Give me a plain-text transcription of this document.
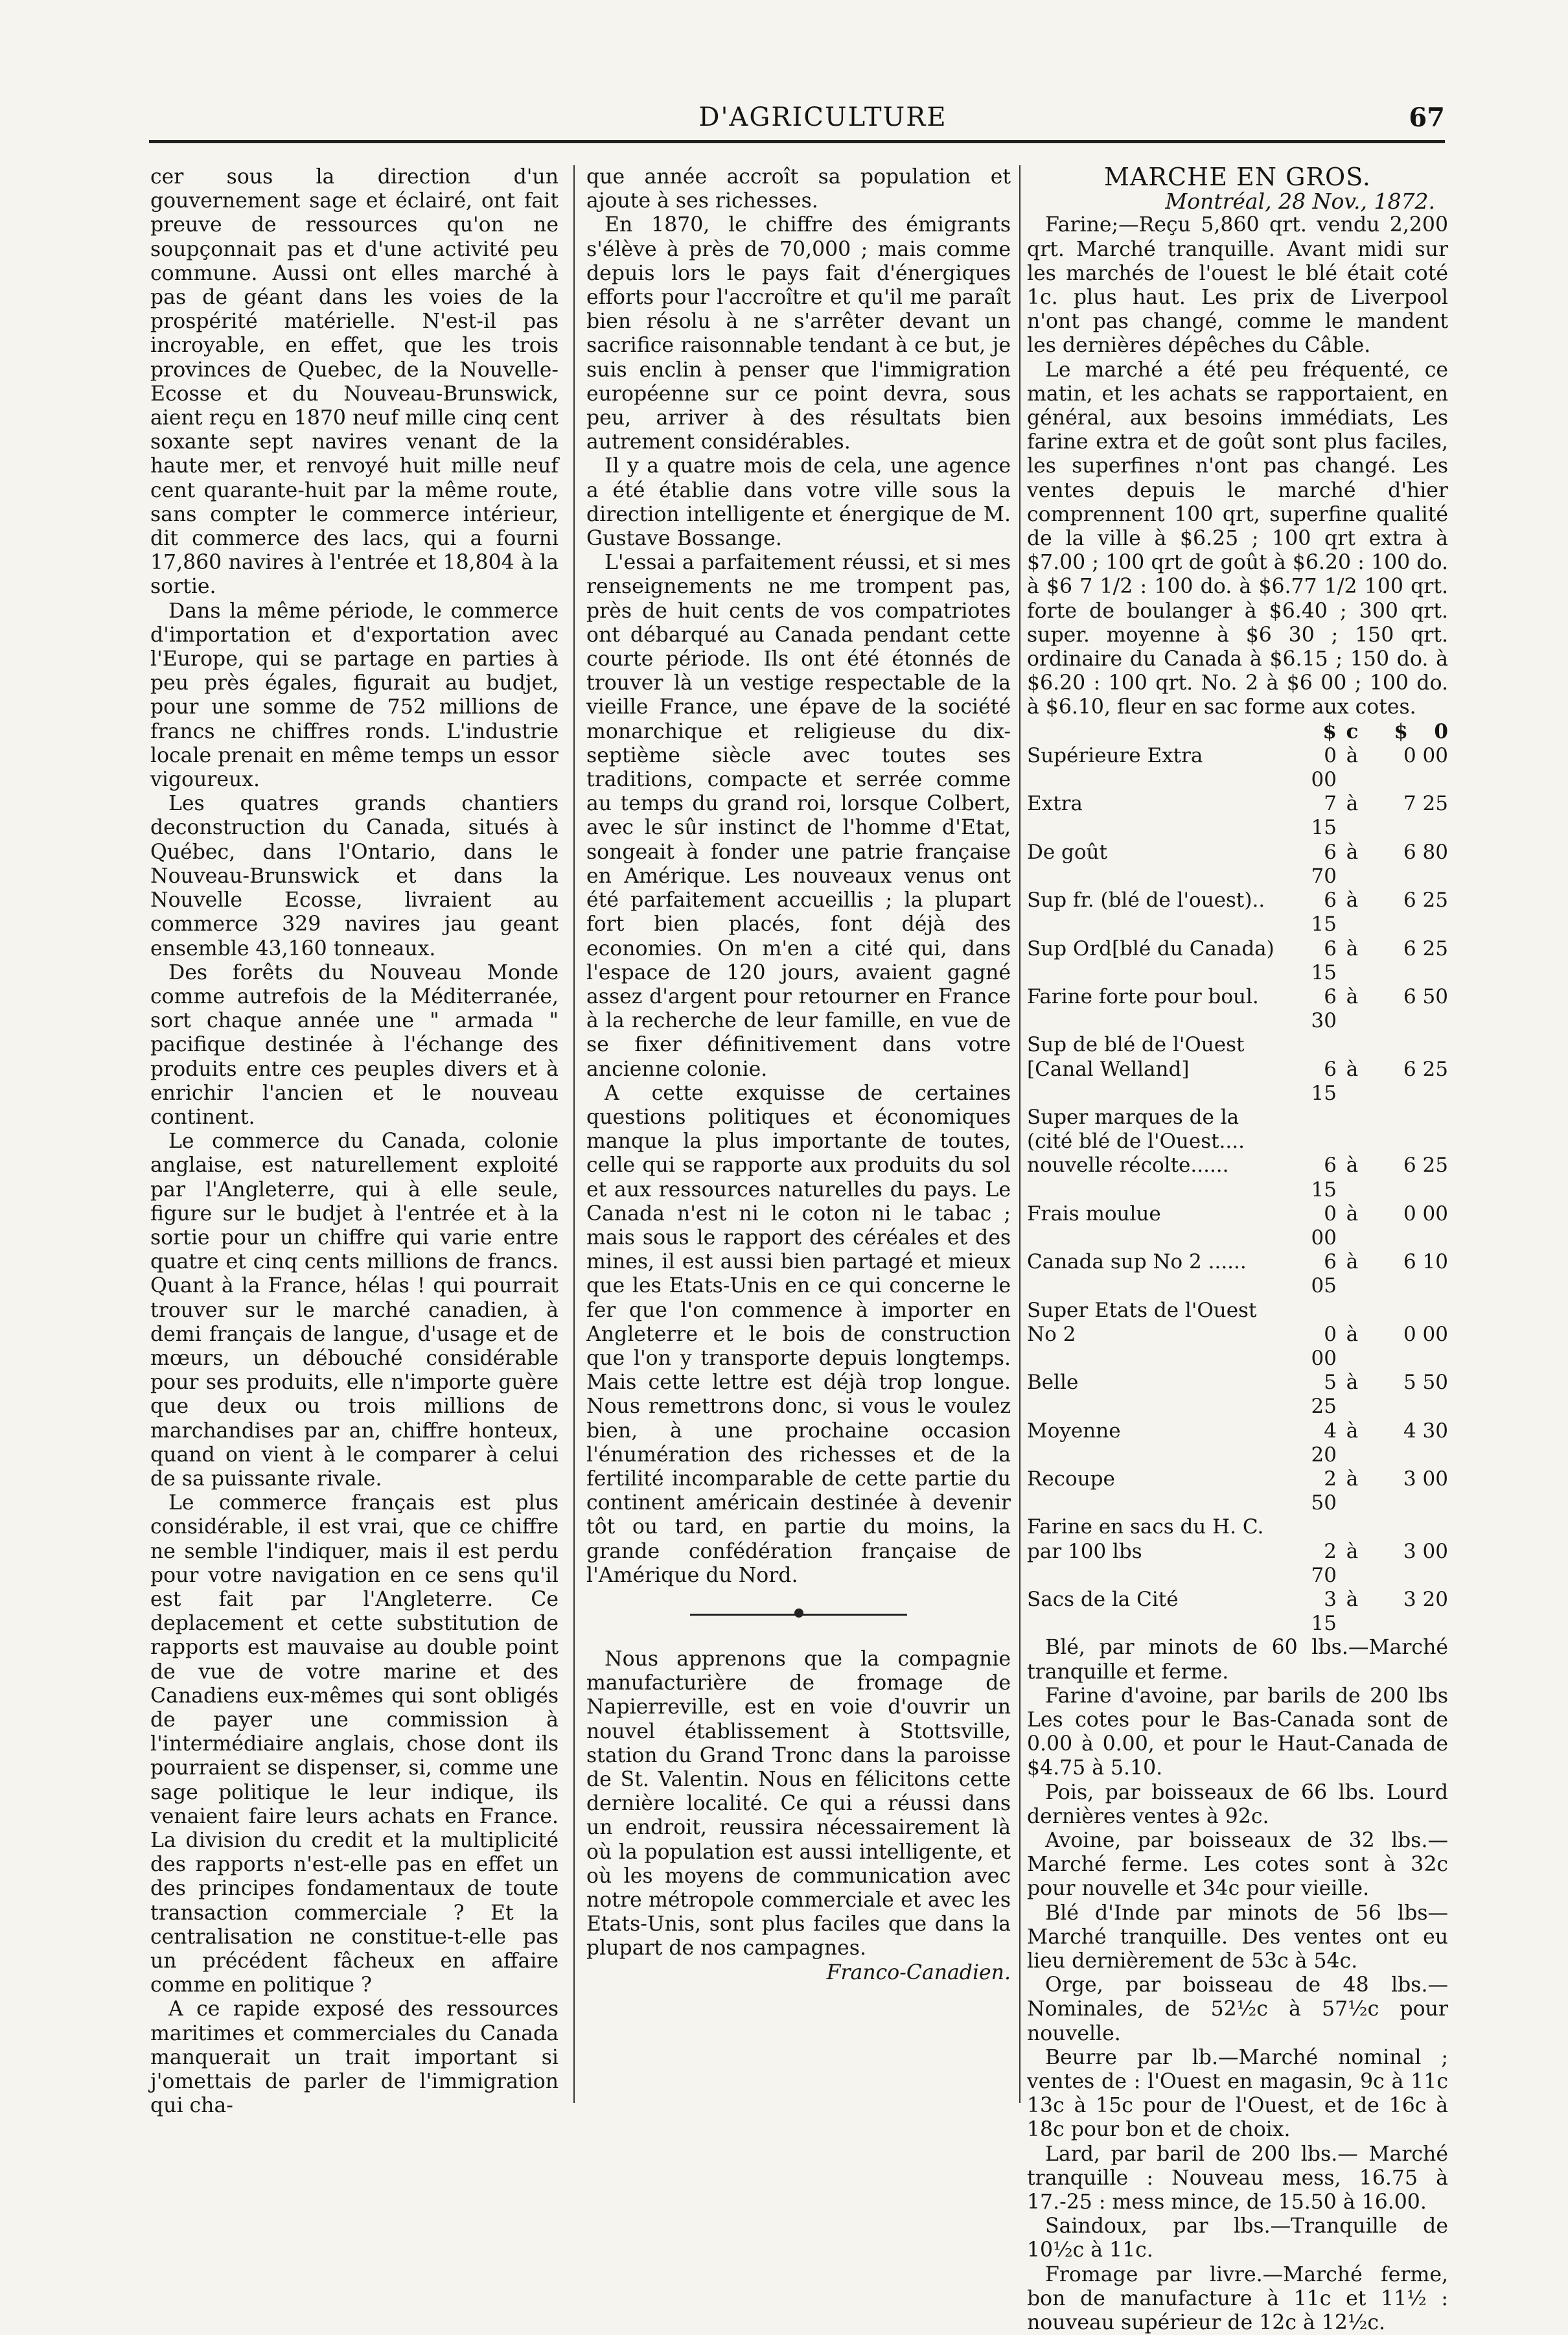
D'AGRICULTURE	67

cer sous la direction d'un gouvernement sage et éclairé, ont fait preuve de ressources qu'on ne soupçonnait pas et d'une activité peu commune. Aussi ont elles marché à pas de géant dans les voies de la prospérité matérielle. N'est-il pas incroyable, en effet, que les trois provinces de Quebec, de la Nouvelle-Ecosse et du Nouveau-Brunswick, aient reçu en 1870 neuf mille cinq cent soxante sept navires venant de la haute mer, et renvoyé huit mille neuf cent quarante-huit par la même route, sans compter le commerce intérieur, dit commerce des lacs, qui a fourni 17,860 navires à l'entrée et 18,804 à la sortie.

Dans la même période, le commerce d'importation et d'exportation avec l'Europe, qui se partage en parties à peu près égales, figurait au budjet, pour une somme de 752 millions de francs ne chiffres ronds. L'industrie locale prenait en même temps un essor vigoureux.

Les quatres grands chantiers deconstruction du Canada, situés à Québec, dans l'Ontario, dans le Nouveau-Brunswick et dans la Nouvelle Ecosse, livraient au commerce 329 navires jau geant ensemble 43,160 tonneaux.

Des forêts du Nouveau Monde comme autrefois de la Méditerranée, sort chaque année une " armada " pacifique destinée à l'échange des produits entre ces peuples divers et à enrichir l'ancien et le nouveau continent.

Le commerce du Canada, colonie anglaise, est naturellement exploité par l'Angleterre, qui à elle seule, figure sur le budjet à l'entrée et à la sortie pour un chiffre qui varie entre quatre et cinq cents millions de francs. Quant à la France, hélas ! qui pourrait trouver sur le marché canadien, à demi français de langue, d'usage et de mœurs, un débouché considérable pour ses produits, elle n'importe guère que deux ou trois millions de marchandises par an, chiffre honteux, quand on vient à le comparer à celui de sa puissante rivale.

Le commerce français est plus considérable, il est vrai, que ce chiffre ne semble l'indiquer, mais il est perdu pour votre navigation en ce sens qu'il est fait par l'Angleterre. Ce deplacement et cette substitution de rapports est mauvaise au double point de vue de votre marine et des Canadiens eux-mêmes qui sont obligés de payer une commission à l'intermédiaire anglais, chose dont ils pourraient se dispenser, si, comme une sage politique le leur indique, ils venaient faire leurs achats en France. La division du credit et la multiplicité des rapports n'est-elle pas en effet un des principes fondamentaux de toute transaction commerciale ? Et la centralisation ne constitue-t-elle pas un précédent fâcheux en affaire comme en politique ?

A ce rapide exposé des ressources maritimes et commerciales du Canada manquerait un trait important si j'omettais de parler de l'immigration qui cha-

que année accroît sa population et ajoute à ses richesses.

En 1870, le chiffre des émigrants s'élève à près de 70,000 ; mais comme depuis lors le pays fait d'énergiques efforts pour l'accroître et qu'il me paraît bien résolu à ne s'arrêter devant un sacrifice raisonnable tendant à ce but, je suis enclin à penser que l'immigration européenne sur ce point devra, sous peu, arriver à des résultats bien autrement considérables.

Il y a quatre mois de cela, une agence a été établie dans votre ville sous la direction intelligente et énergique de M. Gustave Bossange.

L'essai a parfaitement réussi, et si mes renseignements ne me trompent pas, près de huit cents de vos compatriotes ont débarqué au Canada pendant cette courte période. Ils ont été étonnés de trouver là un vestige respectable de la vieille France, une épave de la société monarchique et religieuse du dix-septième siècle avec toutes ses traditions, compacte et serrée comme au temps du grand roi, lorsque Colbert, avec le sûr instinct de l'homme d'Etat, songeait à fonder une patrie française en Amérique. Les nouveaux venus ont été parfaitement accueillis ; la plupart fort bien placés, font déjà des economies. On m'en a cité qui, dans l'espace de 120 jours, avaient gagné assez d'argent pour retourner en France à la recherche de leur famille, en vue de se fixer définitivement dans votre ancienne colonie.

A cette exquisse de certaines questions politiques et économiques manque la plus importante de toutes, celle qui se rapporte aux produits du sol et aux ressources naturelles du pays. Le Canada n'est ni le coton ni le tabac ; mais sous le rapport des céréales et des mines, il est aussi bien partagé et mieux que les Etats-Unis en ce qui concerne le fer que l'on commence à importer en Angleterre et le bois de construction que l'on y transporte depuis longtemps. Mais cette lettre est déjà trop longue. Nous remettrons donc, si vous le voulez bien, à une prochaine occasion l'énumération des richesses et de la fertilité incomparable de cette partie du continent américain destinée à devenir tôt ou tard, en partie du moins, la grande confédération française de l'Amérique du Nord.

Nous apprenons que la compagnie manufacturière de fromage de Napierreville, est en voie d'ouvrir un nouvel établissement à Stottsville, station du Grand Tronc dans la paroisse de St. Valentin. Nous en félicitons cette dernière localité. Ce qui a réussi dans un endroit, reussira nécessairement là où la population est aussi intelligente, et où les moyens de communication avec notre métropole commerciale et avec les Etats-Unis, sont plus faciles que dans la plupart de nos campagnes.

Franco-Canadien.

MARCHE EN GROS.

Montréal, 28 Nov., 1872.

Farine;—Reçu 5,860 qrt. vendu 2,200 qrt. Marché tranquille. Avant midi sur les marchés de l'ouest le blé était coté 1c. plus haut. Les prix de Liverpool n'ont pas changé, comme le mandent les dernières dépêches du Câble.

Le marché a été peu fréquenté, ce matin, et les achats se rapportaient, en général, aux besoins immédiats, Les farine extra et de goût sont plus faciles, les superfines n'ont pas changé. Les ventes depuis le marché d'hier comprennent 100 qrt, superfine qualité de la ville à $6.25 ; 100 qrt extra à $7.00 ; 100 qrt de goût à $6.20 : 100 do. à $6 7 1/2 : 100 do. à $6.77 1/2 100 qrt. forte de boulanger à $6.40 ; 300 qrt. super. moyenne à $6 30 ; 150 qrt. ordinaire du Canada à $6.15 ; 150 do. à $6.20 : 100 qrt. No. 2 à $6 00 ; 100 do. à $6.10, fleur en sac forme aux cotes.

	$	c	$	0
Supérieure Extra	0 00	à	0 00	
Extra	7 15	à	7 25	
De goût	6 70	à	6 80	
Sup fr. (blé de l'ouest)..	6 15	à	6 25	
Sup Ord[blé du Canada)	6 15	à	6 25	
Farine forte pour boul.	6 30	à	6 50	
Sup de blé de l'Ouest				
[Canal Welland]	6 15	à	6 25	
Super marques de la				
(cité blé de l'Ouest....				
nouvelle récolte......	6 15	à	6 25	
Frais moulue	0 00	à	0 00	
Canada sup No 2 ......	6 05	à	6 10	
Super Etats de l'Ouest				
No 2	0 00	à	0 00	
Belle	5 25	à	5 50	
Moyenne	4 20	à	4 30	
Recoupe	2 50	à	3 00	
Farine en sacs du H. C.				
par 100 lbs	2 70	à	3 00	
Sacs de la Cité	3 15	à	3 20	

Blé, par minots de 60 lbs.—Marché tranquille et ferme.

Farine d'avoine, par barils de 200 lbs Les cotes pour le Bas-Canada sont de 0.00 à 0.00, et pour le Haut-Canada de $4.75 à 5.10.

Pois, par boisseaux de 66 lbs. Lourd dernières ventes à 92c.

Avoine, par boisseaux de 32 lbs.—Marché ferme. Les cotes sont à 32c pour nouvelle et 34c pour vieille.

Blé d'Inde par minots de 56 lbs—Marché tranquille. Des ventes ont eu lieu dernièrement de 53c à 54c.

Orge, par boisseau de 48 lbs.—Nominales, de 52½c à 57½c pour nouvelle.

Beurre par lb.—Marché nominal ; ventes de : l'Ouest en magasin, 9c à 11c 13c à 15c pour de l'Ouest, et de 16c à 18c pour bon et de choix.

Lard, par baril de 200 lbs.— Marché tranquille : Nouveau mess, 16.75 à 17.-25 : mess mince, de 15.50 à 16.00.

Saindoux, par lbs.—Tranquille de 10½c à 11c.

Fromage par livre.—Marché ferme, bon de manufacture à 11c et 11½ : nouveau supérieur de 12c à 12½c.
